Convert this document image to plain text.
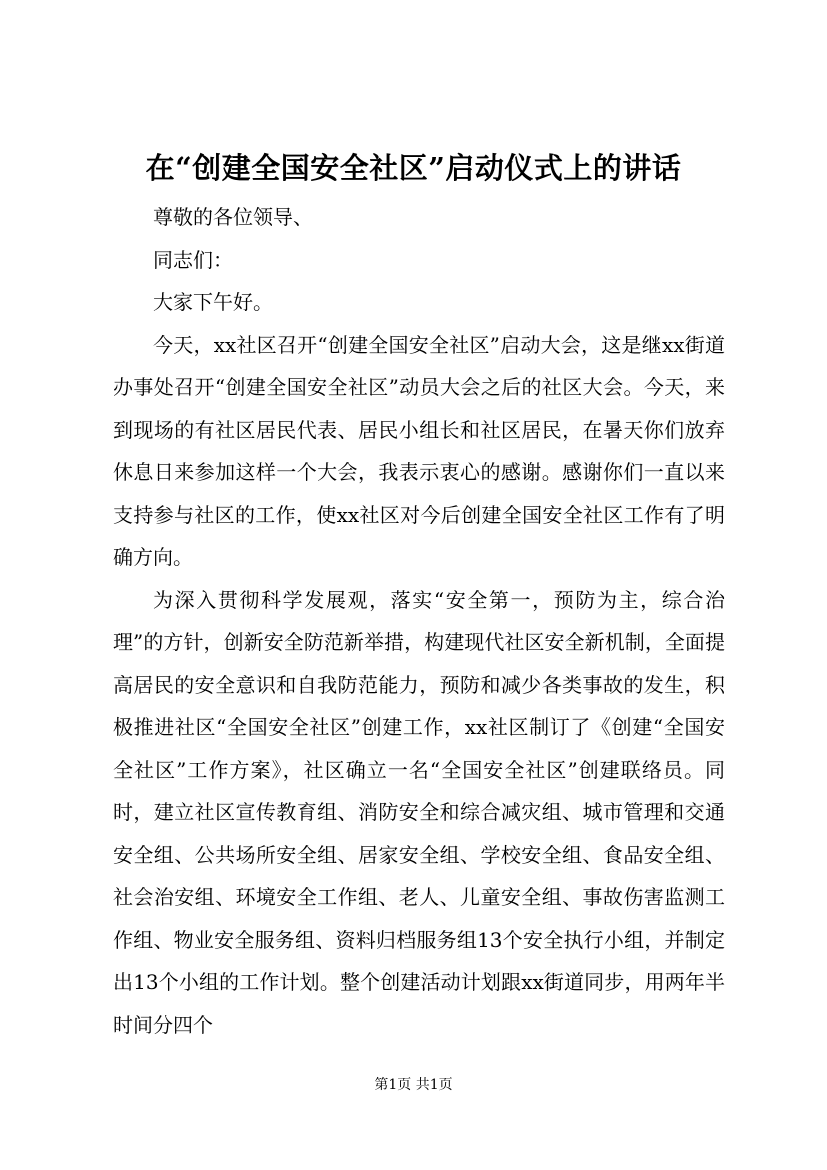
在“创建全国安全社区”启动仪式上的讲话

尊敬的各位领导、

同志们：

大家下午好。

今天，xx社区召开“创建全国安全社区”启动大会，这是继xx街道办事处召开“创建全国安全社区”动员大会之后的社区大会。今天，来到现场的有社区居民代表、居民小组长和社区居民，在暑天你们放弃休息日来参加这样一个大会，我表示衷心的感谢。感谢你们一直以来支持参与社区的工作，使xx社区对今后创建全国安全社区工作有了明确方向。

为深入贯彻科学发展观，落实“安全第一，预防为主，综合治理”的方针，创新安全防范新举措，构建现代社区安全新机制，全面提高居民的安全意识和自我防范能力，预防和减少各类事故的发生，积极推进社区“全国安全社区”创建工作，xx社区制订了《创建“全国安全社区”工作方案》，社区确立一名“全国安全社区”创建联络员。同时，建立社区宣传教育组、消防安全和综合减灾组、城市管理和交通安全组、公共场所安全组、居家安全组、学校安全组、食品安全组、社会治安组、环境安全工作组、老人、儿童安全组、事故伤害监测工作组、物业安全服务组、资料归档服务组13个安全执行小组，并制定出13个小组的工作计划。整个创建活动计划跟xx街道同步，用两年半时间分四个

第1页 共1页
